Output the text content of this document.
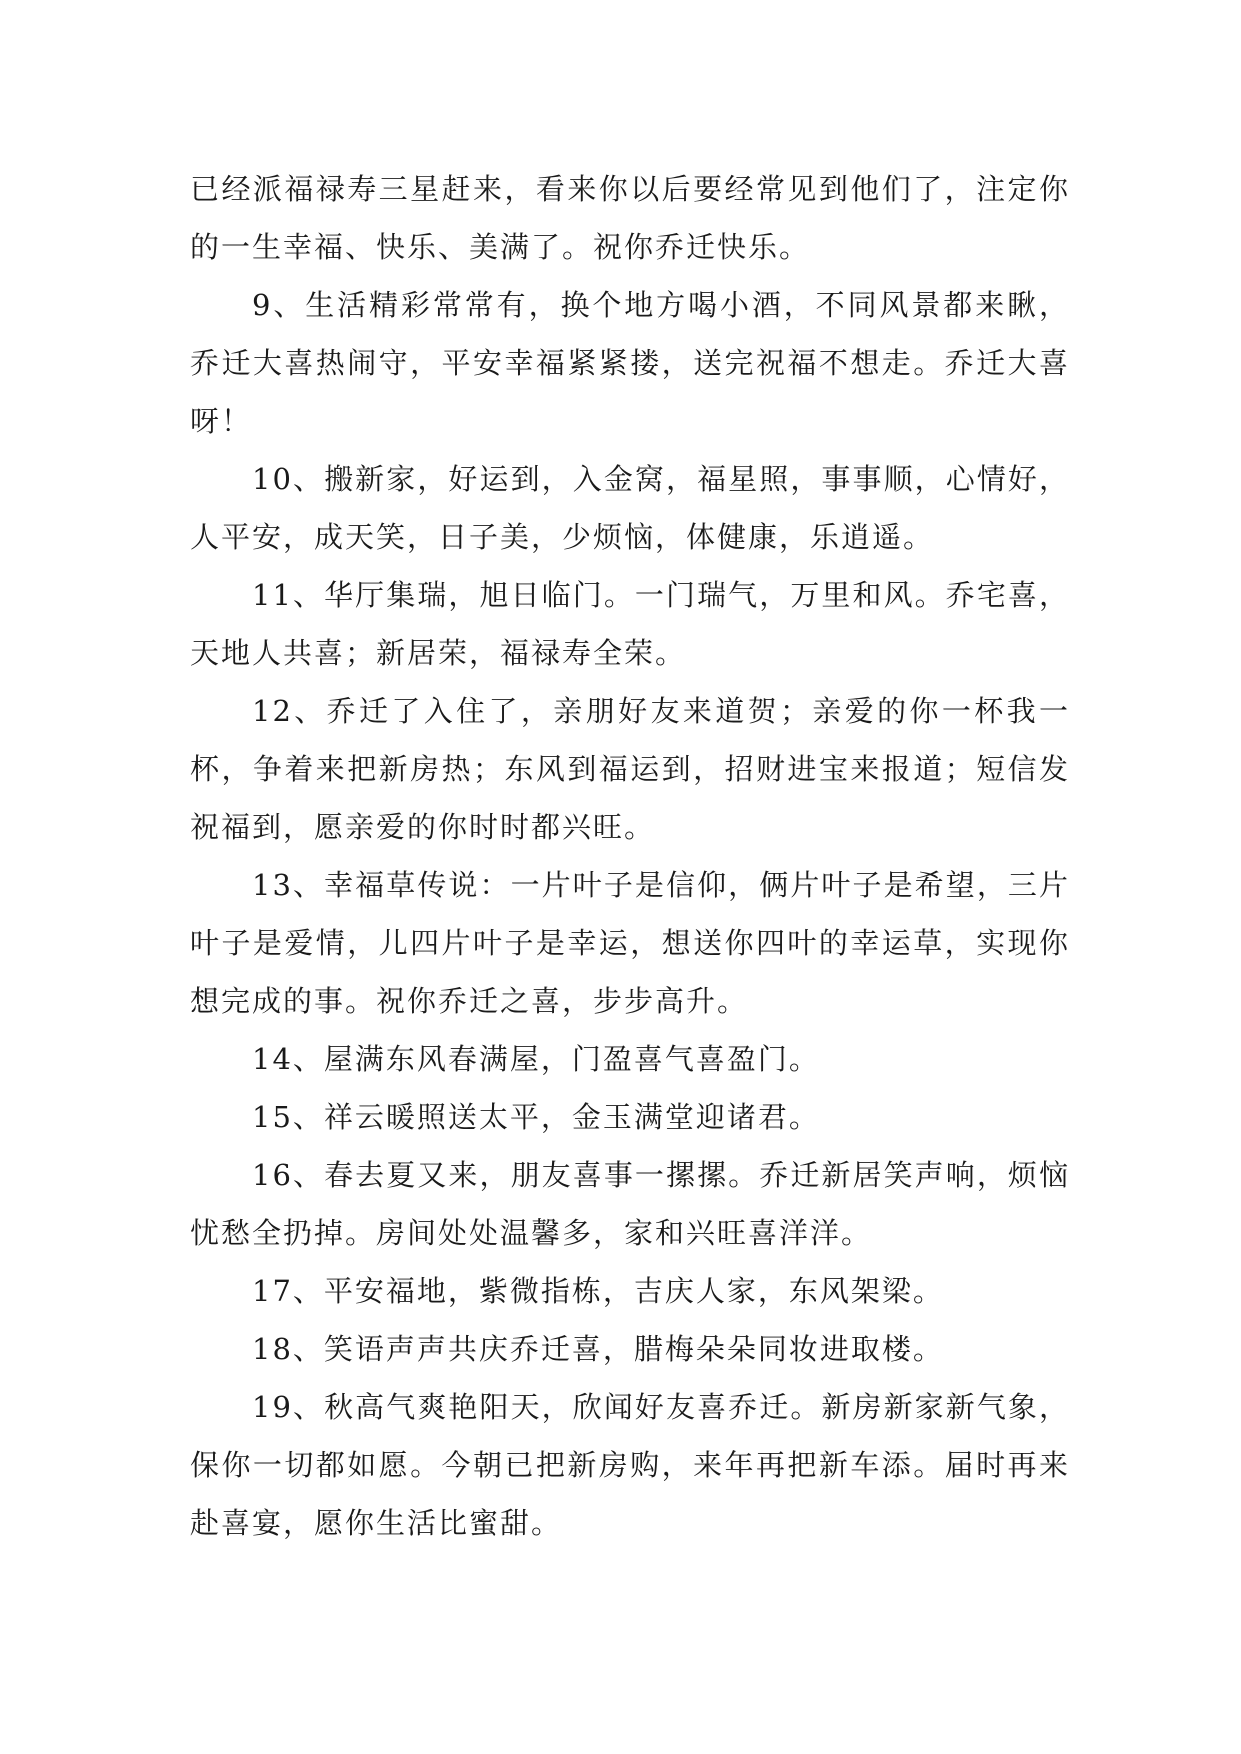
已经派福禄寿三星赶来，看来你以后要经常见到他们了，注定你的一生幸福、快乐、美满了。祝你乔迁快乐。

9、生活精彩常常有，换个地方喝小酒，不同风景都来瞅，乔迁大喜热闹守，平安幸福紧紧搂，送完祝福不想走。乔迁大喜呀！

10、搬新家，好运到，入金窝，福星照，事事顺，心情好，人平安，成天笑，日子美，少烦恼，体健康，乐逍遥。

11、华厅集瑞，旭日临门。一门瑞气，万里和风。乔宅喜，天地人共喜；新居荣，福禄寿全荣。

12、乔迁了入住了，亲朋好友来道贺；亲爱的你一杯我一杯，争着来把新房热；东风到福运到，招财进宝来报道；短信发祝福到，愿亲爱的你时时都兴旺。

13、幸福草传说：一片叶子是信仰，俩片叶子是希望，三片叶子是爱情，儿四片叶子是幸运，想送你四叶的幸运草，实现你想完成的事。祝你乔迁之喜，步步高升。

14、屋满东风春满屋，门盈喜气喜盈门。

15、祥云暖照送太平，金玉满堂迎诸君。

16、春去夏又来，朋友喜事一摞摞。乔迁新居笑声响，烦恼忧愁全扔掉。房间处处温馨多，家和兴旺喜洋洋。

17、平安福地，紫微指栋，吉庆人家，东风架梁。

18、笑语声声共庆乔迁喜，腊梅朵朵同妆进取楼。

19、秋高气爽艳阳天，欣闻好友喜乔迁。新房新家新气象，保你一切都如愿。今朝已把新房购，来年再把新车添。届时再来赴喜宴，愿你生活比蜜甜。
